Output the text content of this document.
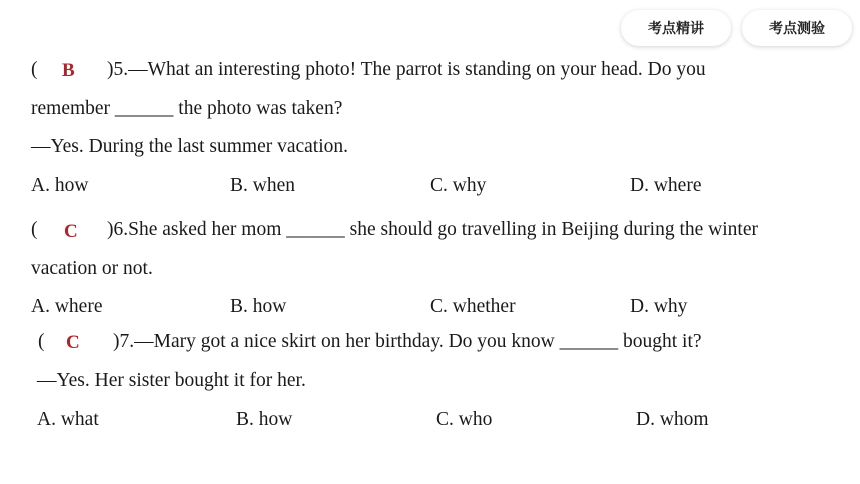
考点精讲	考点测验
( B )5.—What an interesting photo! The parrot is standing on your head. Do you
remember ______ the photo was taken?
—Yes. During the last summer vacation.
A. how	B. when	C. why	D. where
( C )6.She asked her mom ______ she should go travelling in Beijing during the winter
vacation or not.
A. where	B. how	C. whether	D. why
( C )7.—Mary got a nice skirt on her birthday. Do you know ______ bought it?
—Yes. Her sister bought it for her.
A. what	B. how	C. who	D. whom
